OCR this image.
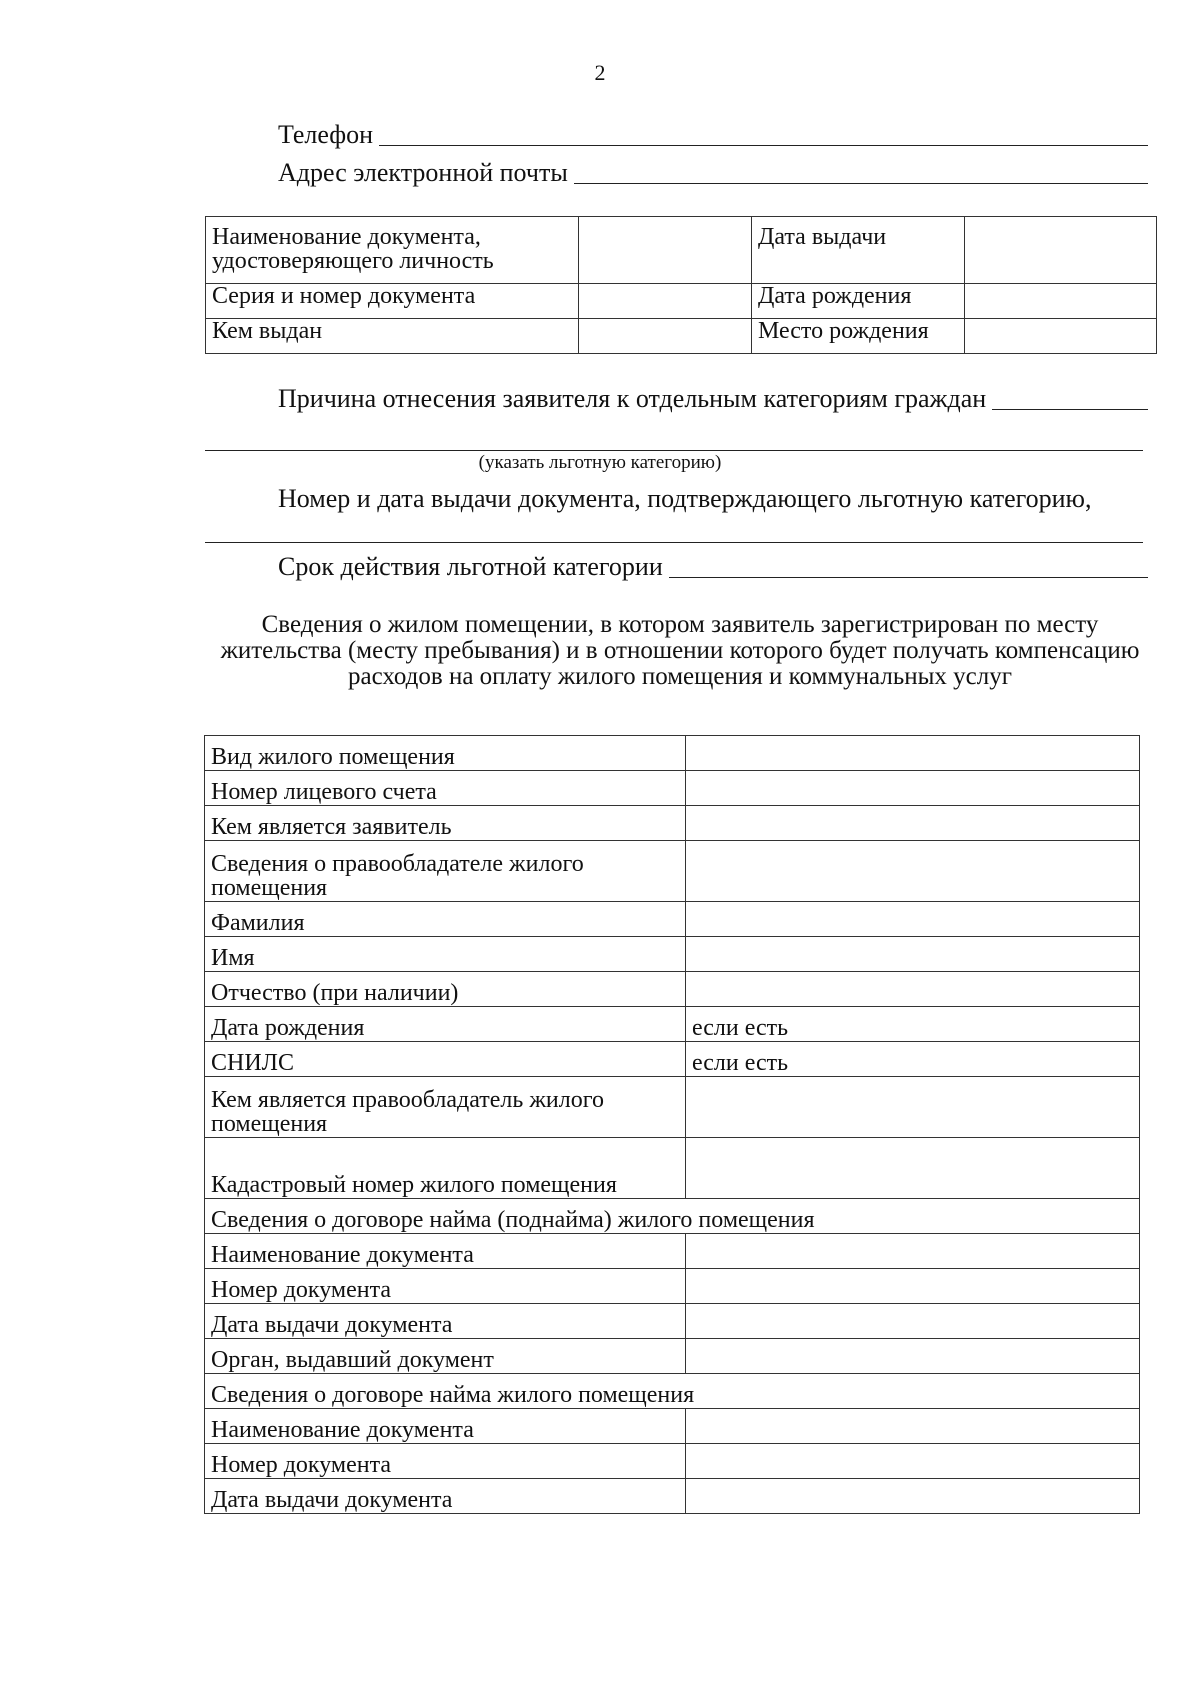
2
Телефон
Адрес электронной почты
Наименование документа, удостоверяющего личность		Дата выдачи	
Серия и номер документа		Дата рождения	
Кем выдан		Место рождения	
Причина отнесения заявителя к отдельным категориям граждан
(указать льготную категорию)
Номер и дата выдачи документа, подтверждающего льготную категорию,
Срок действия льготной категории
Сведения о жилом помещении, в котором заявитель зарегистрирован по месту жительства (месту пребывания) и в отношении которого будет получать компенсацию расходов на оплату жилого помещения и коммунальных услуг
Вид жилого помещения	
Номер лицевого счета	
Кем является заявитель	
Сведения о правообладателе жилого помещения	
Фамилия	
Имя	
Отчество (при наличии)	
Дата рождения	если есть
СНИЛС	если есть
Кем является правообладатель жилого помещения	
Кадастровый номер жилого помещения	
Сведения о договоре найма (поднайма) жилого помещения	
Наименование документа	
Номер документа	
Дата выдачи документа	
Орган, выдавший документ	
Сведения о договоре найма жилого помещения	
Наименование документа	
Номер документа	
Дата выдачи документа	
